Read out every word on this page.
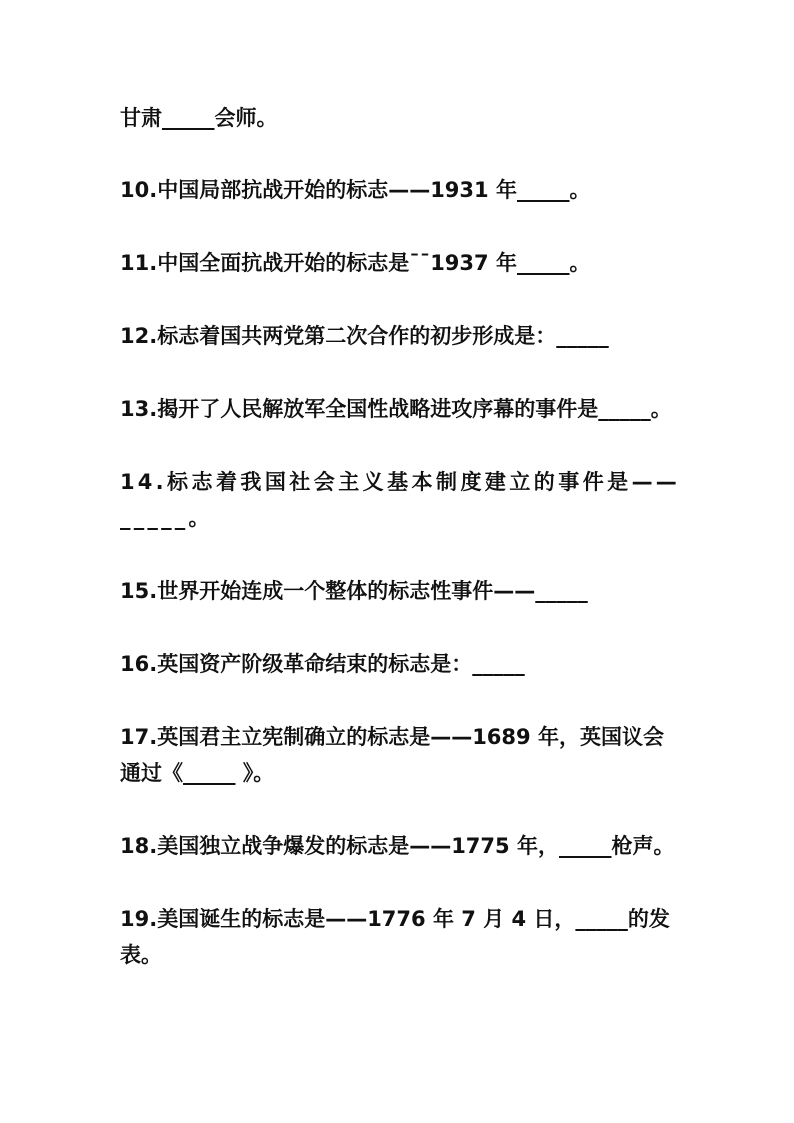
甘肃_____会师。
10.中国局部抗战开始的标志——1931 年_____。
11.中国全面抗战开始的标志是¯¯1937 年_____。
12.标志着国共两党第二次合作的初步形成是：_____
13.揭开了人民解放军全国性战略进攻序幕的事件是_____。
14.标志着我国社会主义基本制度建立的事件是——_____。
15.世界开始连成一个整体的标志性事件——_____
16.英国资产阶级革命结束的标志是：_____
17.英国君主立宪制确立的标志是——1689 年，英国议会通过《_____ 》。
18.美国独立战争爆发的标志是——1775 年，_____枪声。
19.美国诞生的标志是——1776 年 7 月 4 日，_____的发表。
